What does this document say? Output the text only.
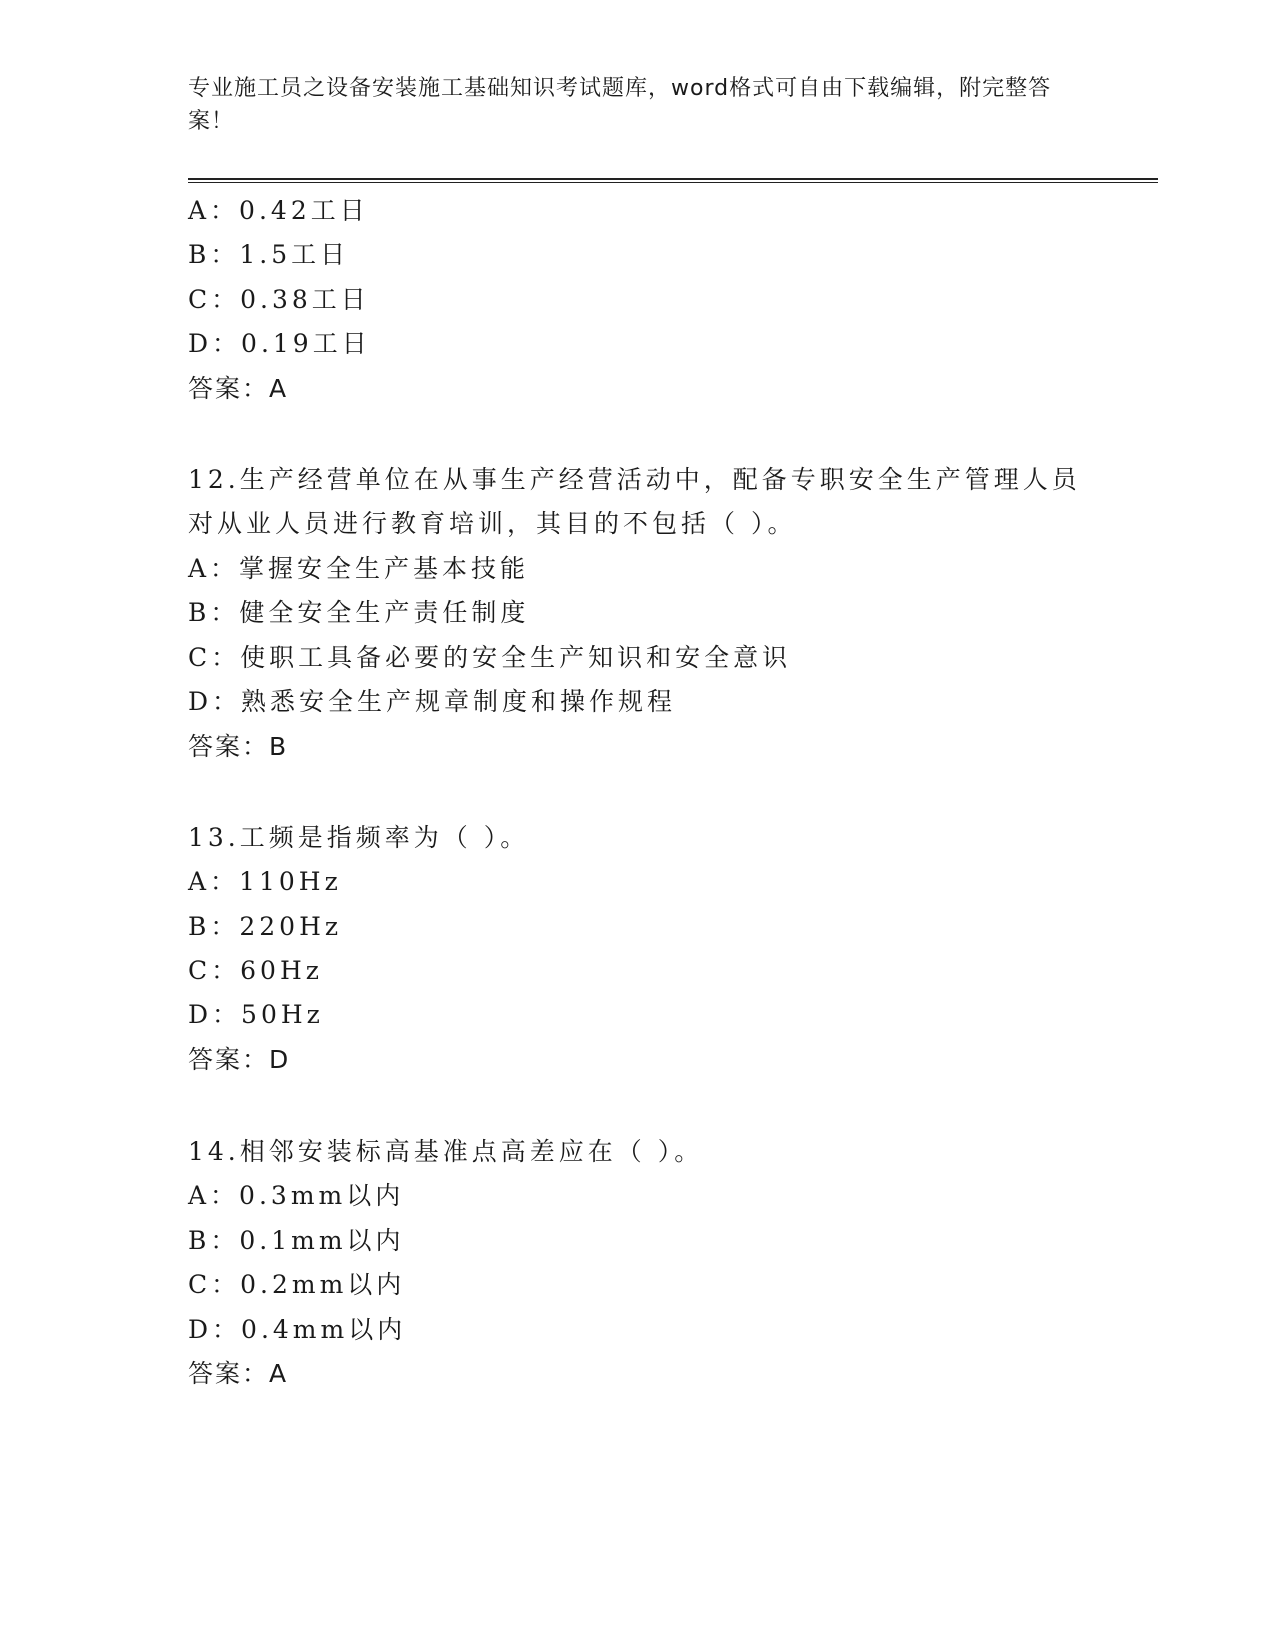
专业施工员之设备安装施工基础知识考试题库，word格式可自由下载编辑，附完整答案！
A：0.42工日
B：1.5工日
C：0.38工日
D：0.19工日
答案：A
12.生产经营单位在从事生产经营活动中，配备专职安全生产管理人员
对从业人员进行教育培训，其目的不包括（ ）。
A：掌握安全生产基本技能
B：健全安全生产责任制度
C：使职工具备必要的安全生产知识和安全意识
D：熟悉安全生产规章制度和操作规程
答案：B
13.工频是指频率为（ ）。
A：110Hz
B：220Hz
C：60Hz
D：50Hz
答案：D
14.相邻安装标高基准点高差应在（ ）。
A：0.3mm以内
B：0.1mm以内
C：0.2mm以内
D：0.4mm以内
答案：A
